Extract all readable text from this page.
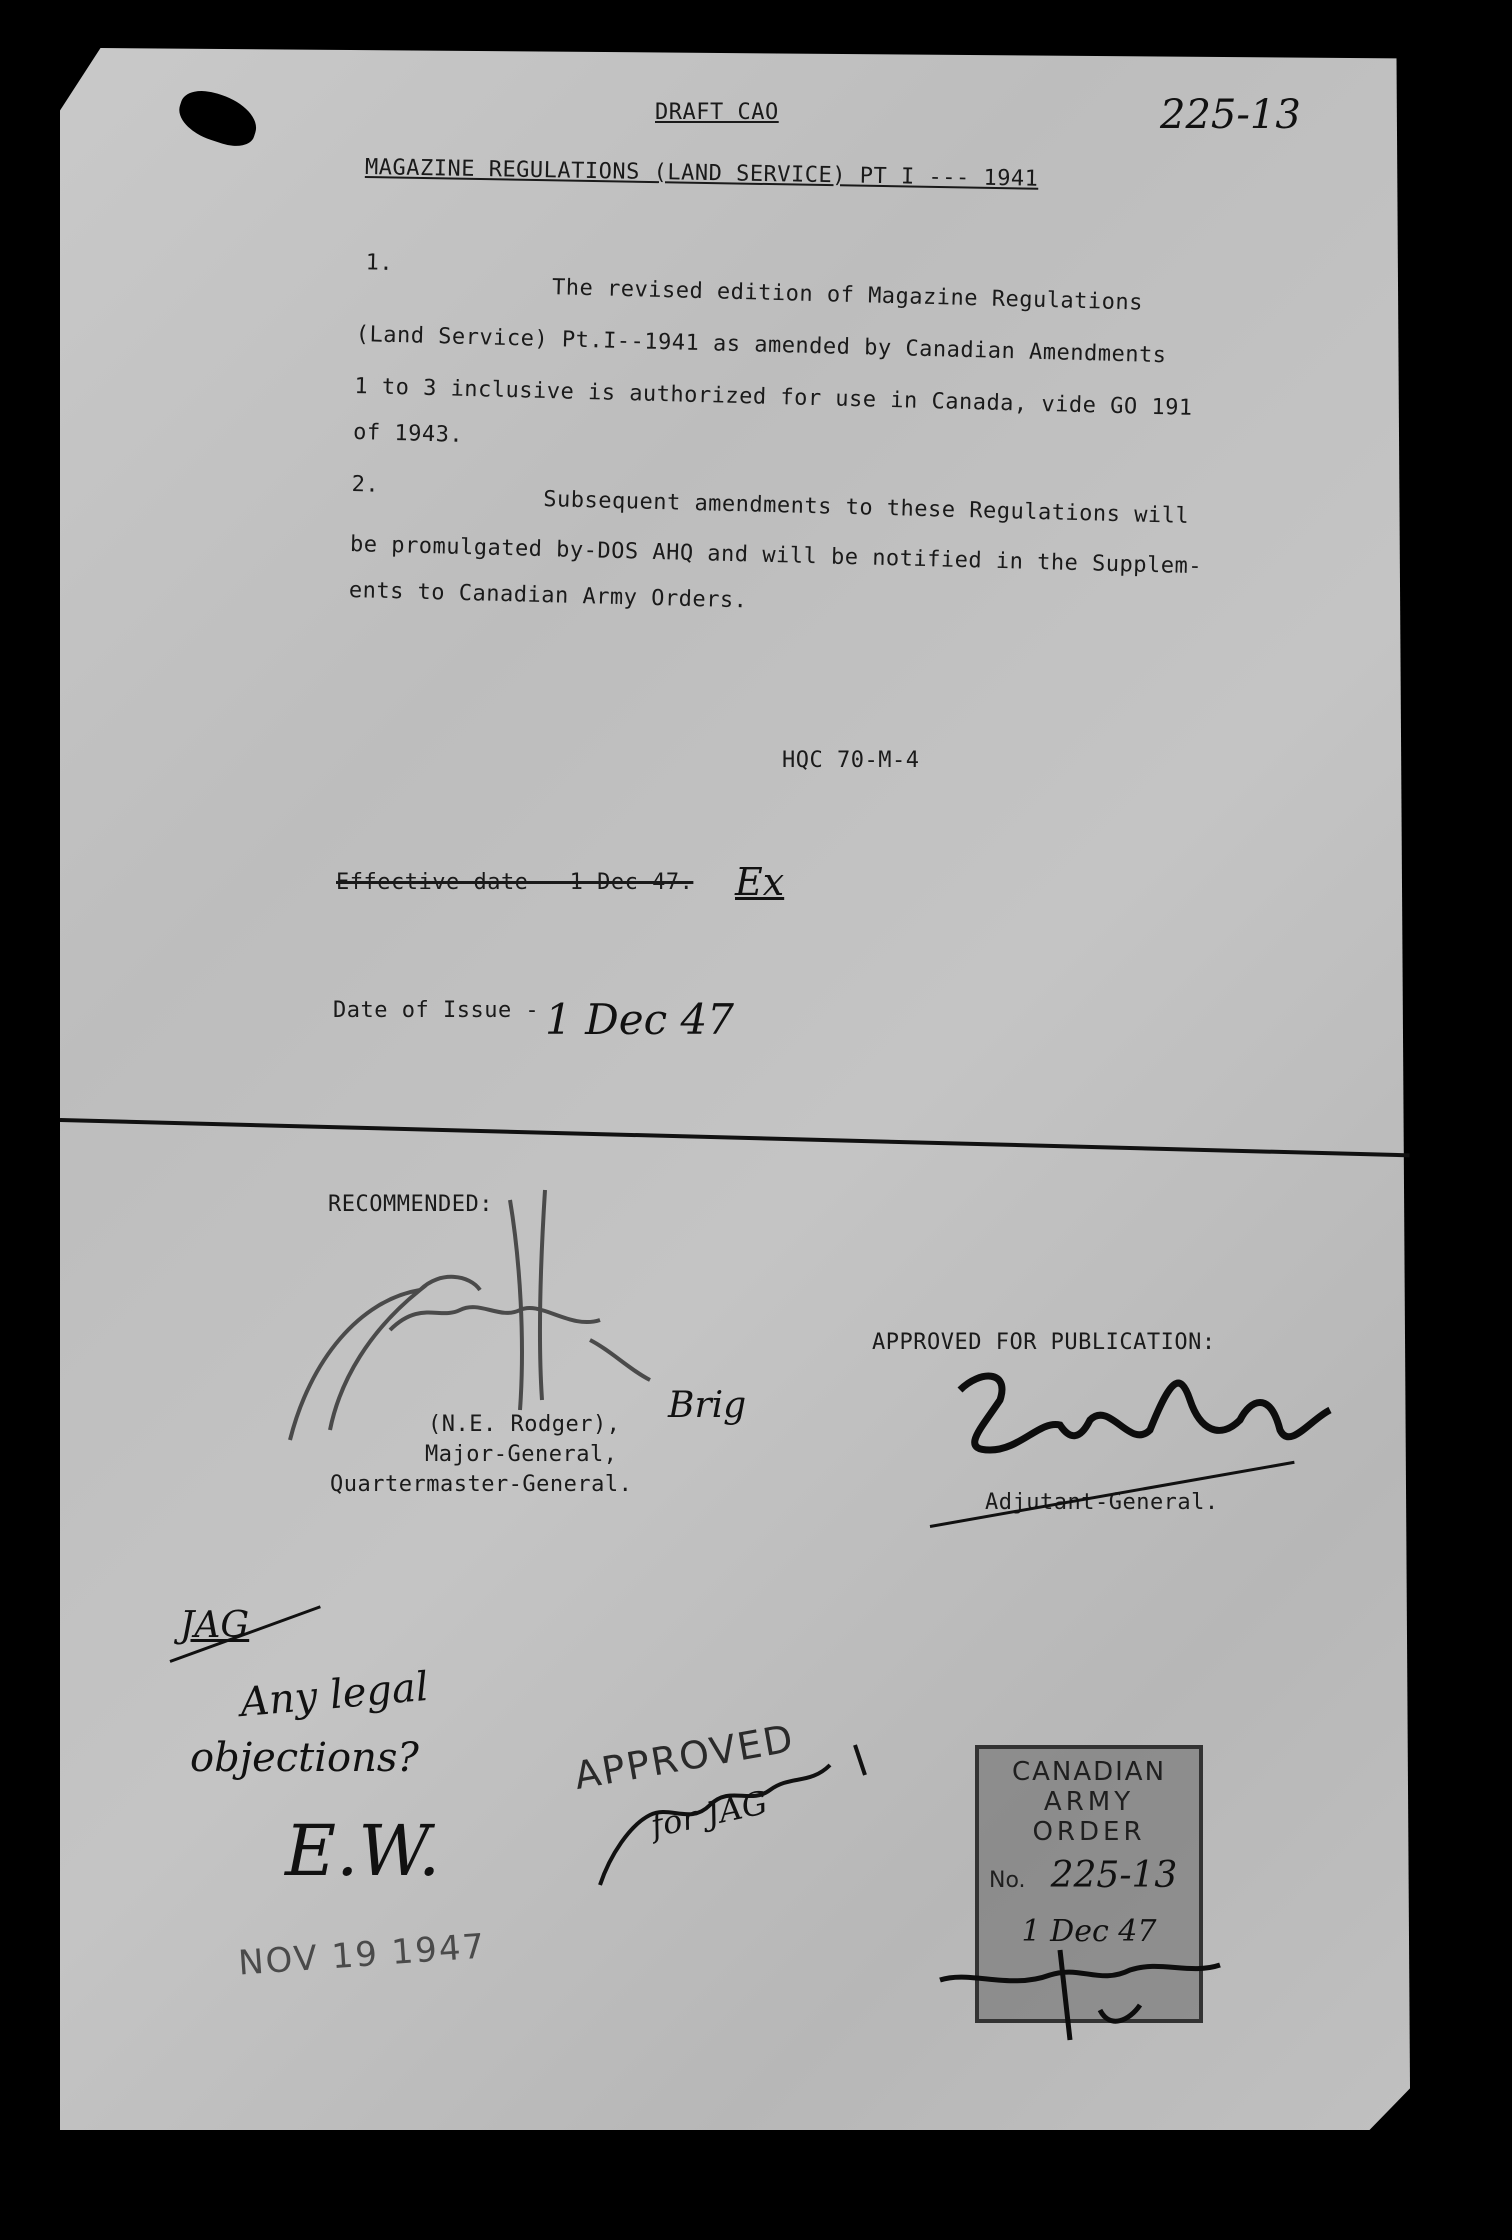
225-13
DRAFT CAO
MAGAZINE REGULATIONS (LAND SERVICE) PT I --- 1941
1.
The revised edition of Magazine Regulations
(Land Service) Pt.I--1941 as amended by Canadian Amendments
1 to 3 inclusive is authorized for use in Canada, vide GO 191
of 1943.
2.
Subsequent amendments to these Regulations will
be promulgated by-DOS AHQ and will be notified in the Supplem-
ents to Canadian Army Orders.
HQC 70-M-4
Effective date - 1 Dec 47. Ex
Date of Issue - 1 Dec 47
RECOMMENDED:
Brig
(N.E. Rodger),
Major-General,
Quartermaster-General.
APPROVED FOR PUBLICATION:
Adjutant-General.
JAG
Any legal
objections?
E.W.
NOV 19 1947
APPROVED
for JAG
CANADIAN
ARMY
ORDER
No. 225-13
1 Dec 47
